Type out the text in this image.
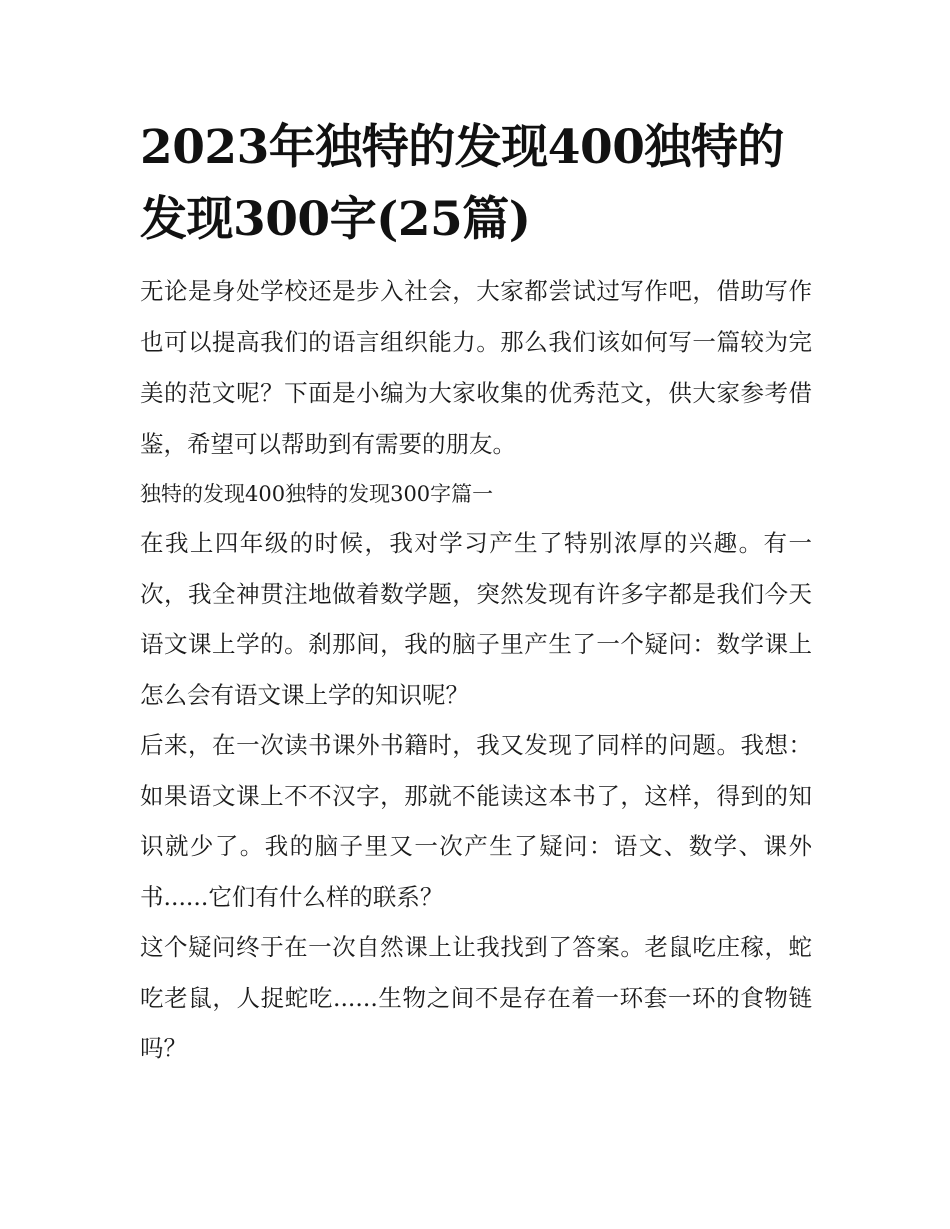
2023年独特的发现400独特的发现300字(25篇)

无论是身处学校还是步入社会，大家都尝试过写作吧，借助写作也可以提高我们的语言组织能力。那么我们该如何写一篇较为完美的范文呢？下面是小编为大家收集的优秀范文，供大家参考借鉴，希望可以帮助到有需要的朋友。

独特的发现400独特的发现300字篇一

在我上四年级的时候，我对学习产生了特别浓厚的兴趣。有一次，我全神贯注地做着数学题，突然发现有许多字都是我们今天语文课上学的。刹那间，我的脑子里产生了一个疑问：数学课上怎么会有语文课上学的知识呢？

后来，在一次读书课外书籍时，我又发现了同样的问题。我想：如果语文课上不不汉字，那就不能读这本书了，这样，得到的知识就少了。我的脑子里又一次产生了疑问：语文、数学、课外书......它们有什么样的联系？

这个疑问终于在一次自然课上让我找到了答案。老鼠吃庄稼，蛇吃老鼠，人捉蛇吃......生物之间不是存在着一环套一环的食物链吗？
